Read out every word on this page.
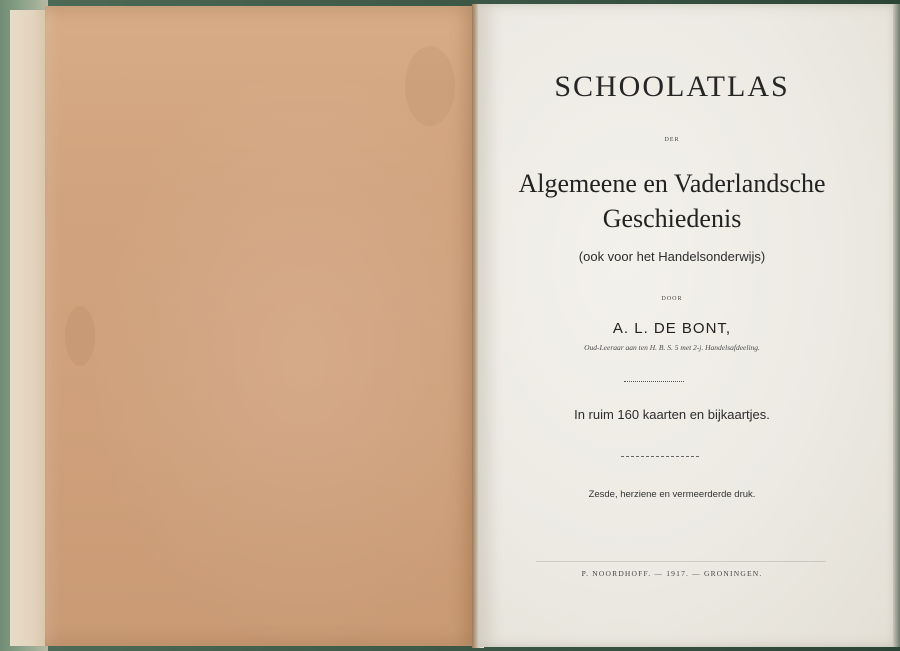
SCHOOLATLAS
DER
Algemeene en Vaderlandsche
Geschiedenis
(ook voor het Handelsonderwijs)
DOOR
A. L. DE BONT,
Oud-Leeraar aan ten H. B. S. 5 met 2-j. Handelsafdeeling.
In ruim 160 kaarten en bijkaartjes.
Zesde, herziene en vermeerderde druk.
P. NOORDHOFF. — 1917. — GRONINGEN.
